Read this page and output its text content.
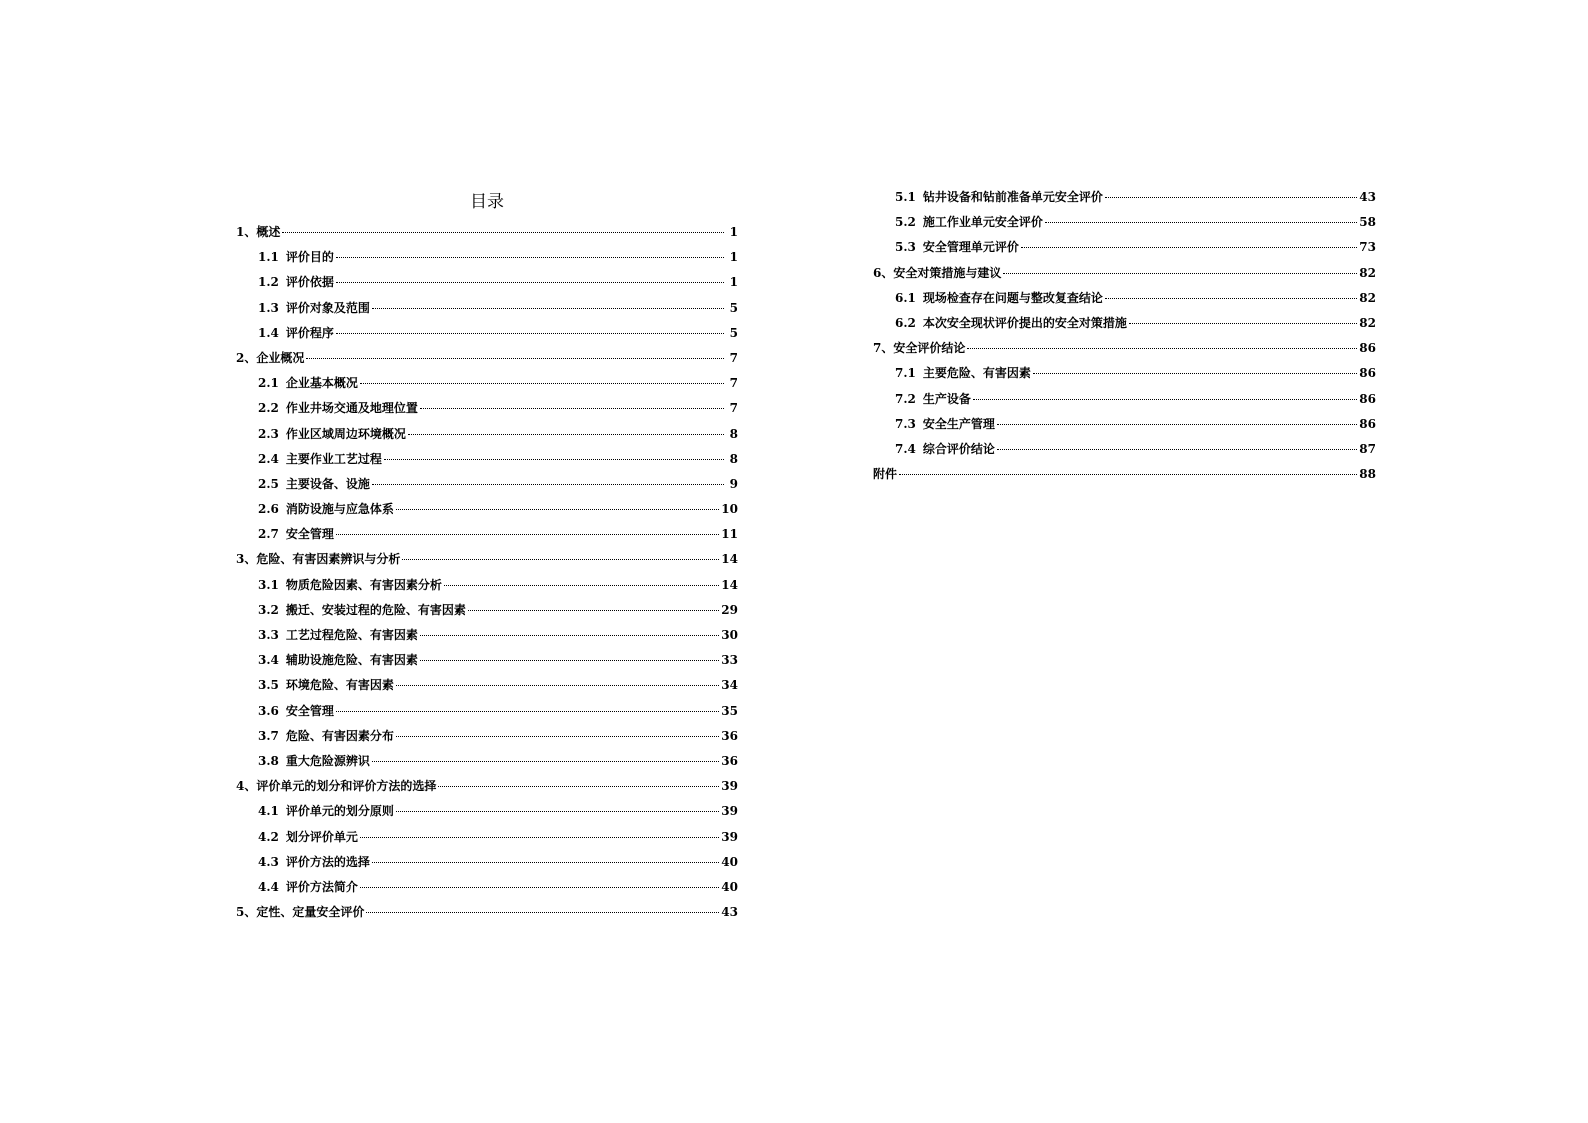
目录
1、 概述	1
1.1 评价目的	1
1.2 评价依据	1
1.3 评价对象及范围	5
1.4 评价程序	5
2、 企业概况	7
2.1 企业基本概况	7
2.2 作业井场交通及地理位置	7
2.3 作业区域周边环境概况	8
2.4 主要作业工艺过程	8
2.5 主要设备、设施	9
2.6 消防设施与应急体系	10
2.7 安全管理	11
3、 危险、有害因素辨识与分析	14
3.1 物质危险因素、有害因素分析	14
3.2 搬迁、安装过程的危险、有害因素	29
3.3 工艺过程危险、有害因素	30
3.4 辅助设施危险、有害因素	33
3.5 环境危险、有害因素	34
3.6 安全管理	35
3.7 危险、有害因素分布	36
3.8 重大危险源辨识	36
4、 评价单元的划分和评价方法的选择	39
4.1 评价单元的划分原则	39
4.2 划分评价单元	39
4.3 评价方法的选择	40
4.4 评价方法简介	40
5、 定性、定量安全评价	43
5.1 钻井设备和钻前准备单元安全评价	43
5.2 施工作业单元安全评价	58
5.3 安全管理单元评价	73
6、 安全对策措施与建议	82
6.1 现场检查存在问题与整改复查结论	82
6.2 本次安全现状评价提出的安全对策措施	82
7、 安全评价结论	86
7.1 主要危险、有害因素	86
7.2 生产设备	86
7.3 安全生产管理	86
7.4 综合评价结论	87
附件	88
